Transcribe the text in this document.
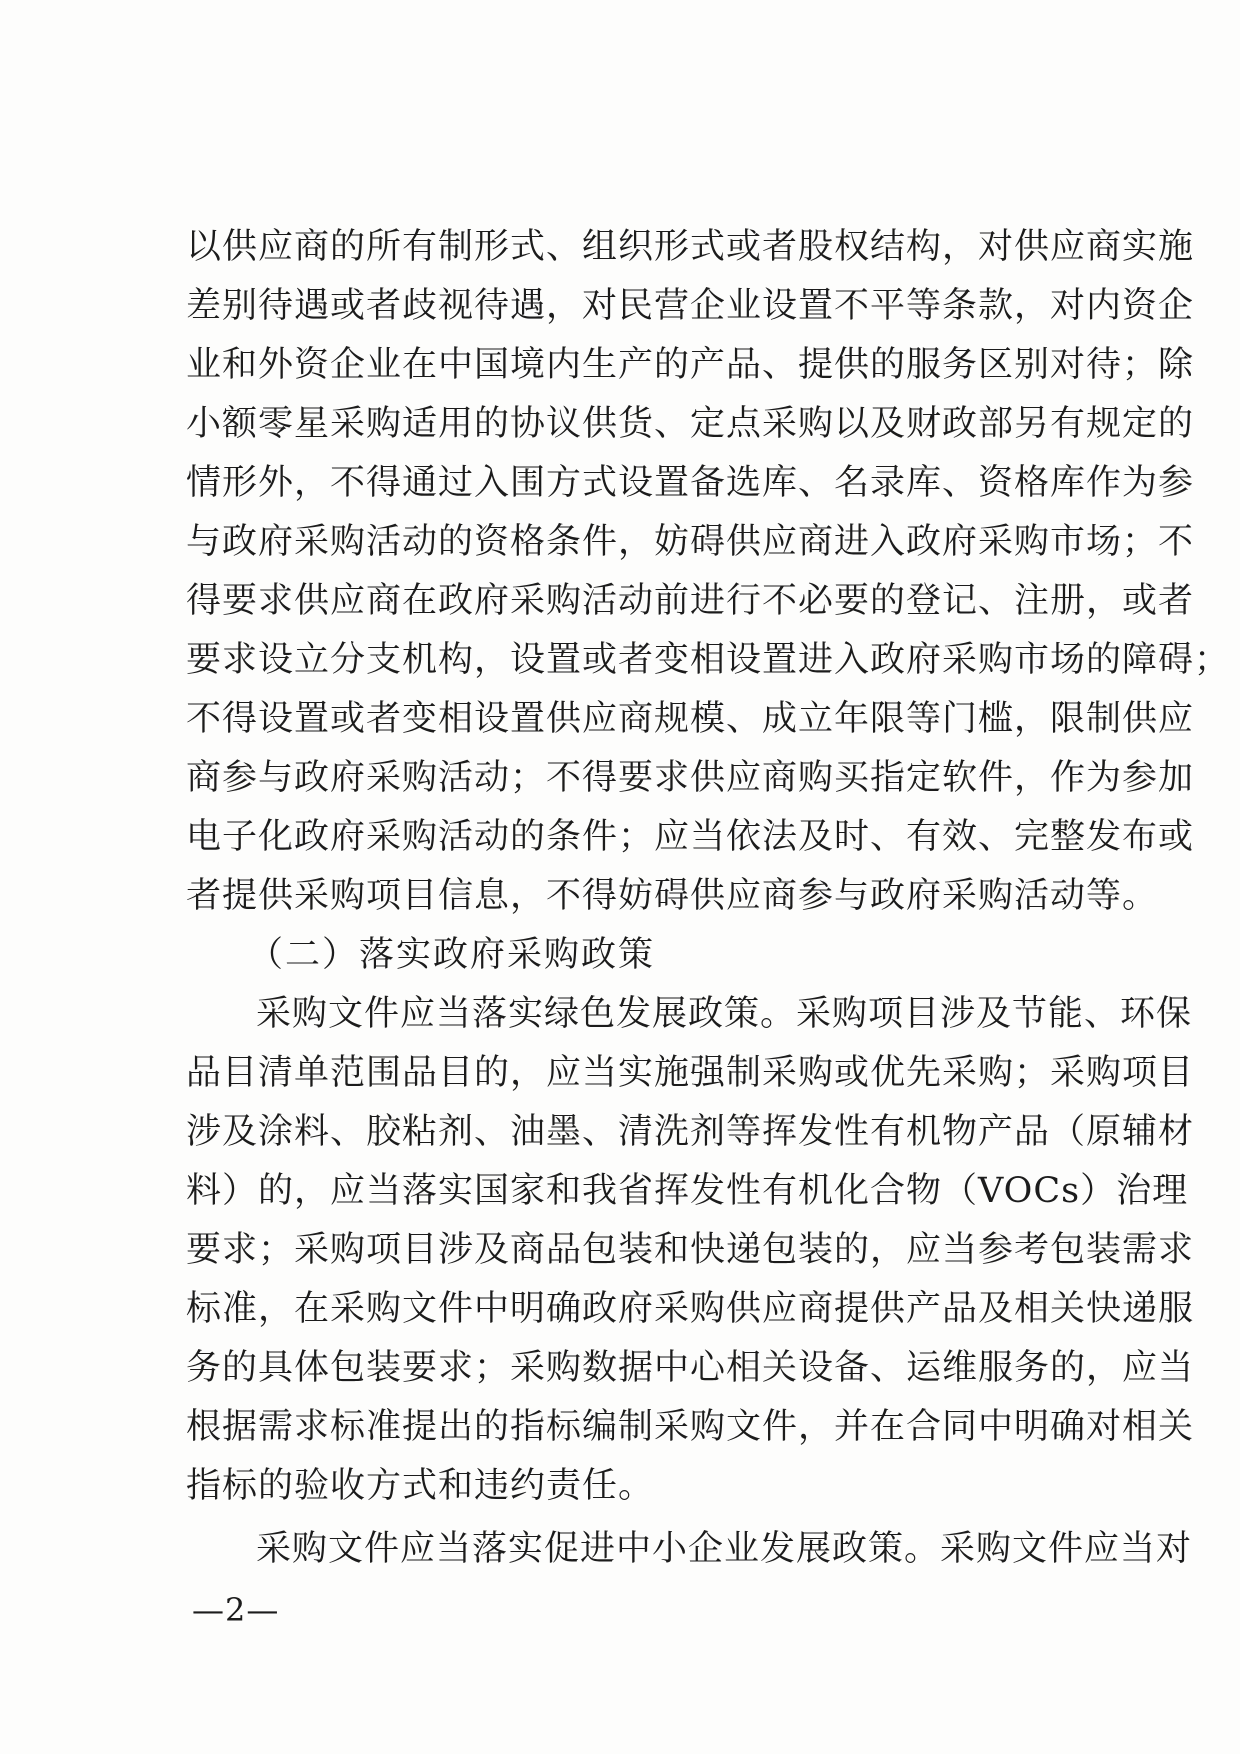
以供应商的所有制形式、组织形式或者股权结构，对供应商实施
差别待遇或者歧视待遇，对民营企业设置不平等条款，对内资企
业和外资企业在中国境内生产的产品、提供的服务区别对待；除
小额零星采购适用的协议供货、定点采购以及财政部另有规定的
情形外，不得通过入围方式设置备选库、名录库、资格库作为参
与政府采购活动的资格条件，妨碍供应商进入政府采购市场；不
得要求供应商在政府采购活动前进行不必要的登记、注册，或者
要求设立分支机构，设置或者变相设置进入政府采购市场的障碍；
不得设置或者变相设置供应商规模、成立年限等门槛，限制供应
商参与政府采购活动；不得要求供应商购买指定软件，作为参加
电子化政府采购活动的条件；应当依法及时、有效、完整发布或
者提供采购项目信息，不得妨碍供应商参与政府采购活动等。
（二）落实政府采购政策
采购文件应当落实绿色发展政策。采购项目涉及节能、环保
品目清单范围品目的，应当实施强制采购或优先采购；采购项目
涉及涂料、胶粘剂、油墨、清洗剂等挥发性有机物产品（原辅材
料）的，应当落实国家和我省挥发性有机化合物（VOCs）治理
要求；采购项目涉及商品包装和快递包装的，应当参考包装需求
标准，在采购文件中明确政府采购供应商提供产品及相关快递服
务的具体包装要求；采购数据中心相关设备、运维服务的，应当
根据需求标准提出的指标编制采购文件，并在合同中明确对相关
指标的验收方式和违约责任。
采购文件应当落实促进中小企业发展政策。采购文件应当对
—2—
